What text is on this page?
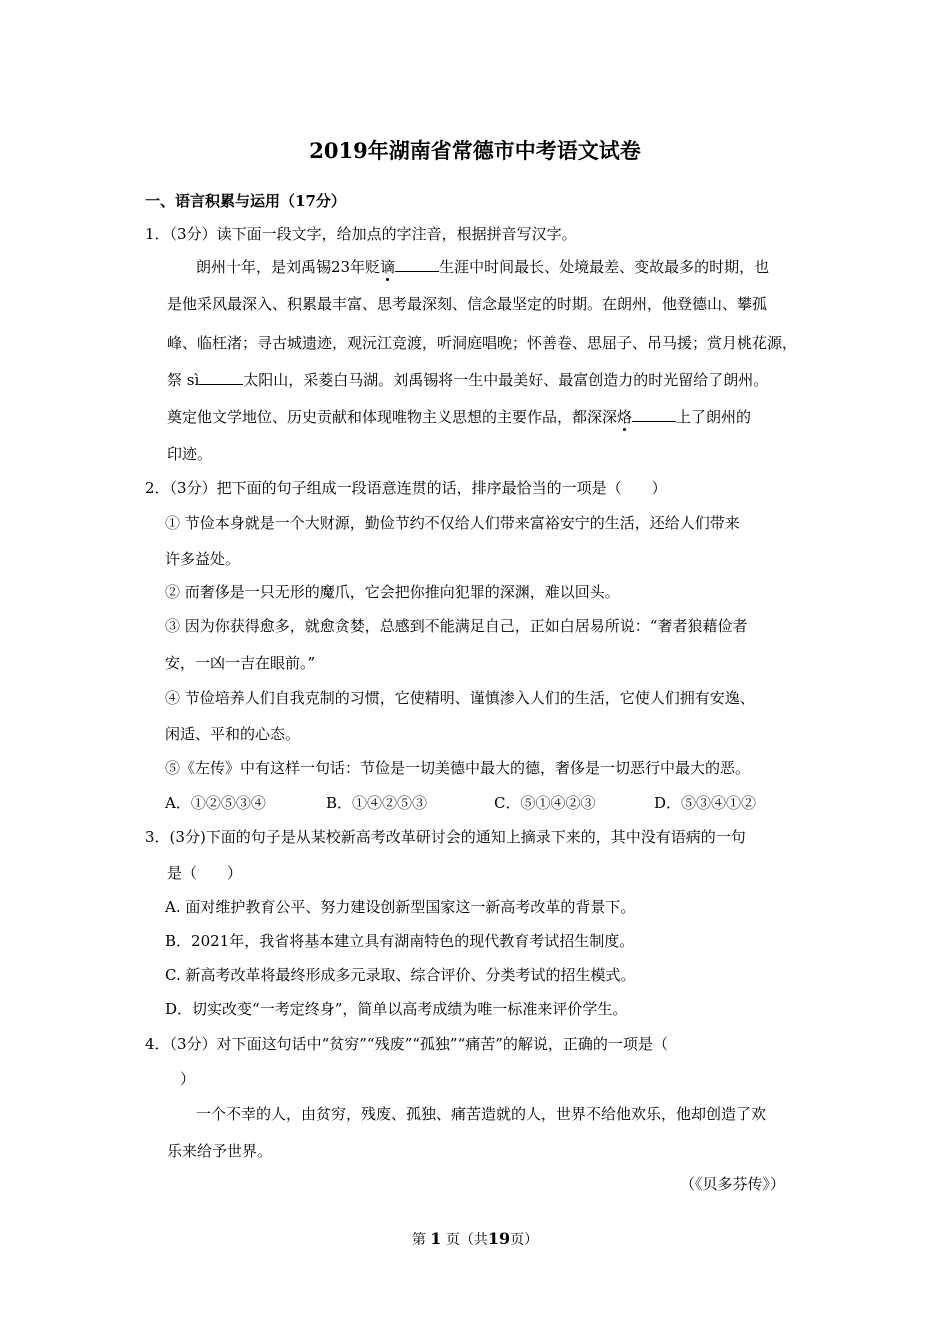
2019年湖南省常德市中考语文试卷
一、语言积累与运用（17分）
1．（3分）读下面一段文字，给加点的字注音，根据拼音写汉字。
朗州十年，是刘禹锡23年贬谪	生涯中时间最长、处境最差、变故最多的时期，也
是他采风最深入、积累最丰富、思考最深刻、信念最坚定的时期。在朗州，他登德山、攀孤
峰、临枉渚；寻古城遗迹，观沅江竞渡，听洞庭唱晚；怀善卷、思屈子、吊马援；赏月桃花源，
祭 sì	太阳山，采菱白马湖。刘禹锡将一生中最美好、最富创造力的时光留给了朗州。
奠定他文学地位、历史贡献和体现唯物主义思想的主要作品，都深深烙	上了朗州的
印迹。
2．（3分）把下面的句子组成一段语意连贯的话，排序最恰当的一项是（　　）
① 节俭本身就是一个大财源，勤俭节约不仅给人们带来富裕安宁的生活，还给人们带来
许多益处。
② 而奢侈是一只无形的魔爪，它会把你推向犯罪的深渊，难以回头。
③ 因为你获得愈多，就愈贪婪，总感到不能满足自己，正如白居易所说：“奢者狼藉俭者
安，一凶一吉在眼前。”
④ 节俭培养人们自我克制的习惯，它使精明、谨慎渗入人们的生活，它使人们拥有安逸、
闲适、平和的心态。
⑤《左传》中有这样一句话：节俭是一切美德中最大的德，奢侈是一切恶行中最大的恶。
A．①②⑤③④	B．①④②⑤③	C．⑤①④②③	D．⑤③④①②
3．(3分)下面的句子是从某校新高考改革研讨会的通知上摘录下来的，其中没有语病的一句
是（　　）
A. 面对维护教育公平、努力建设创新型国家这一新高考改革的背景下。
B．2021年，我省将基本建立具有湖南特色的现代教育考试招生制度。
C. 新高考改革将最终形成多元录取、综合评价、分类考试的招生模式。
D．切实改变“一考定终身”，简单以高考成绩为唯一标准来评价学生。
4．（3分）对下面这句话中“贫穷”“残废”“孤独”“痛苦”的解说，正确的一项是（
）
一个不幸的人，由贫穷，残废、孤独、痛苦造就的人，世界不给他欢乐，他却创造了欢
乐来给予世界。
（《贝多芬传》）
第 1 页（共19页）
